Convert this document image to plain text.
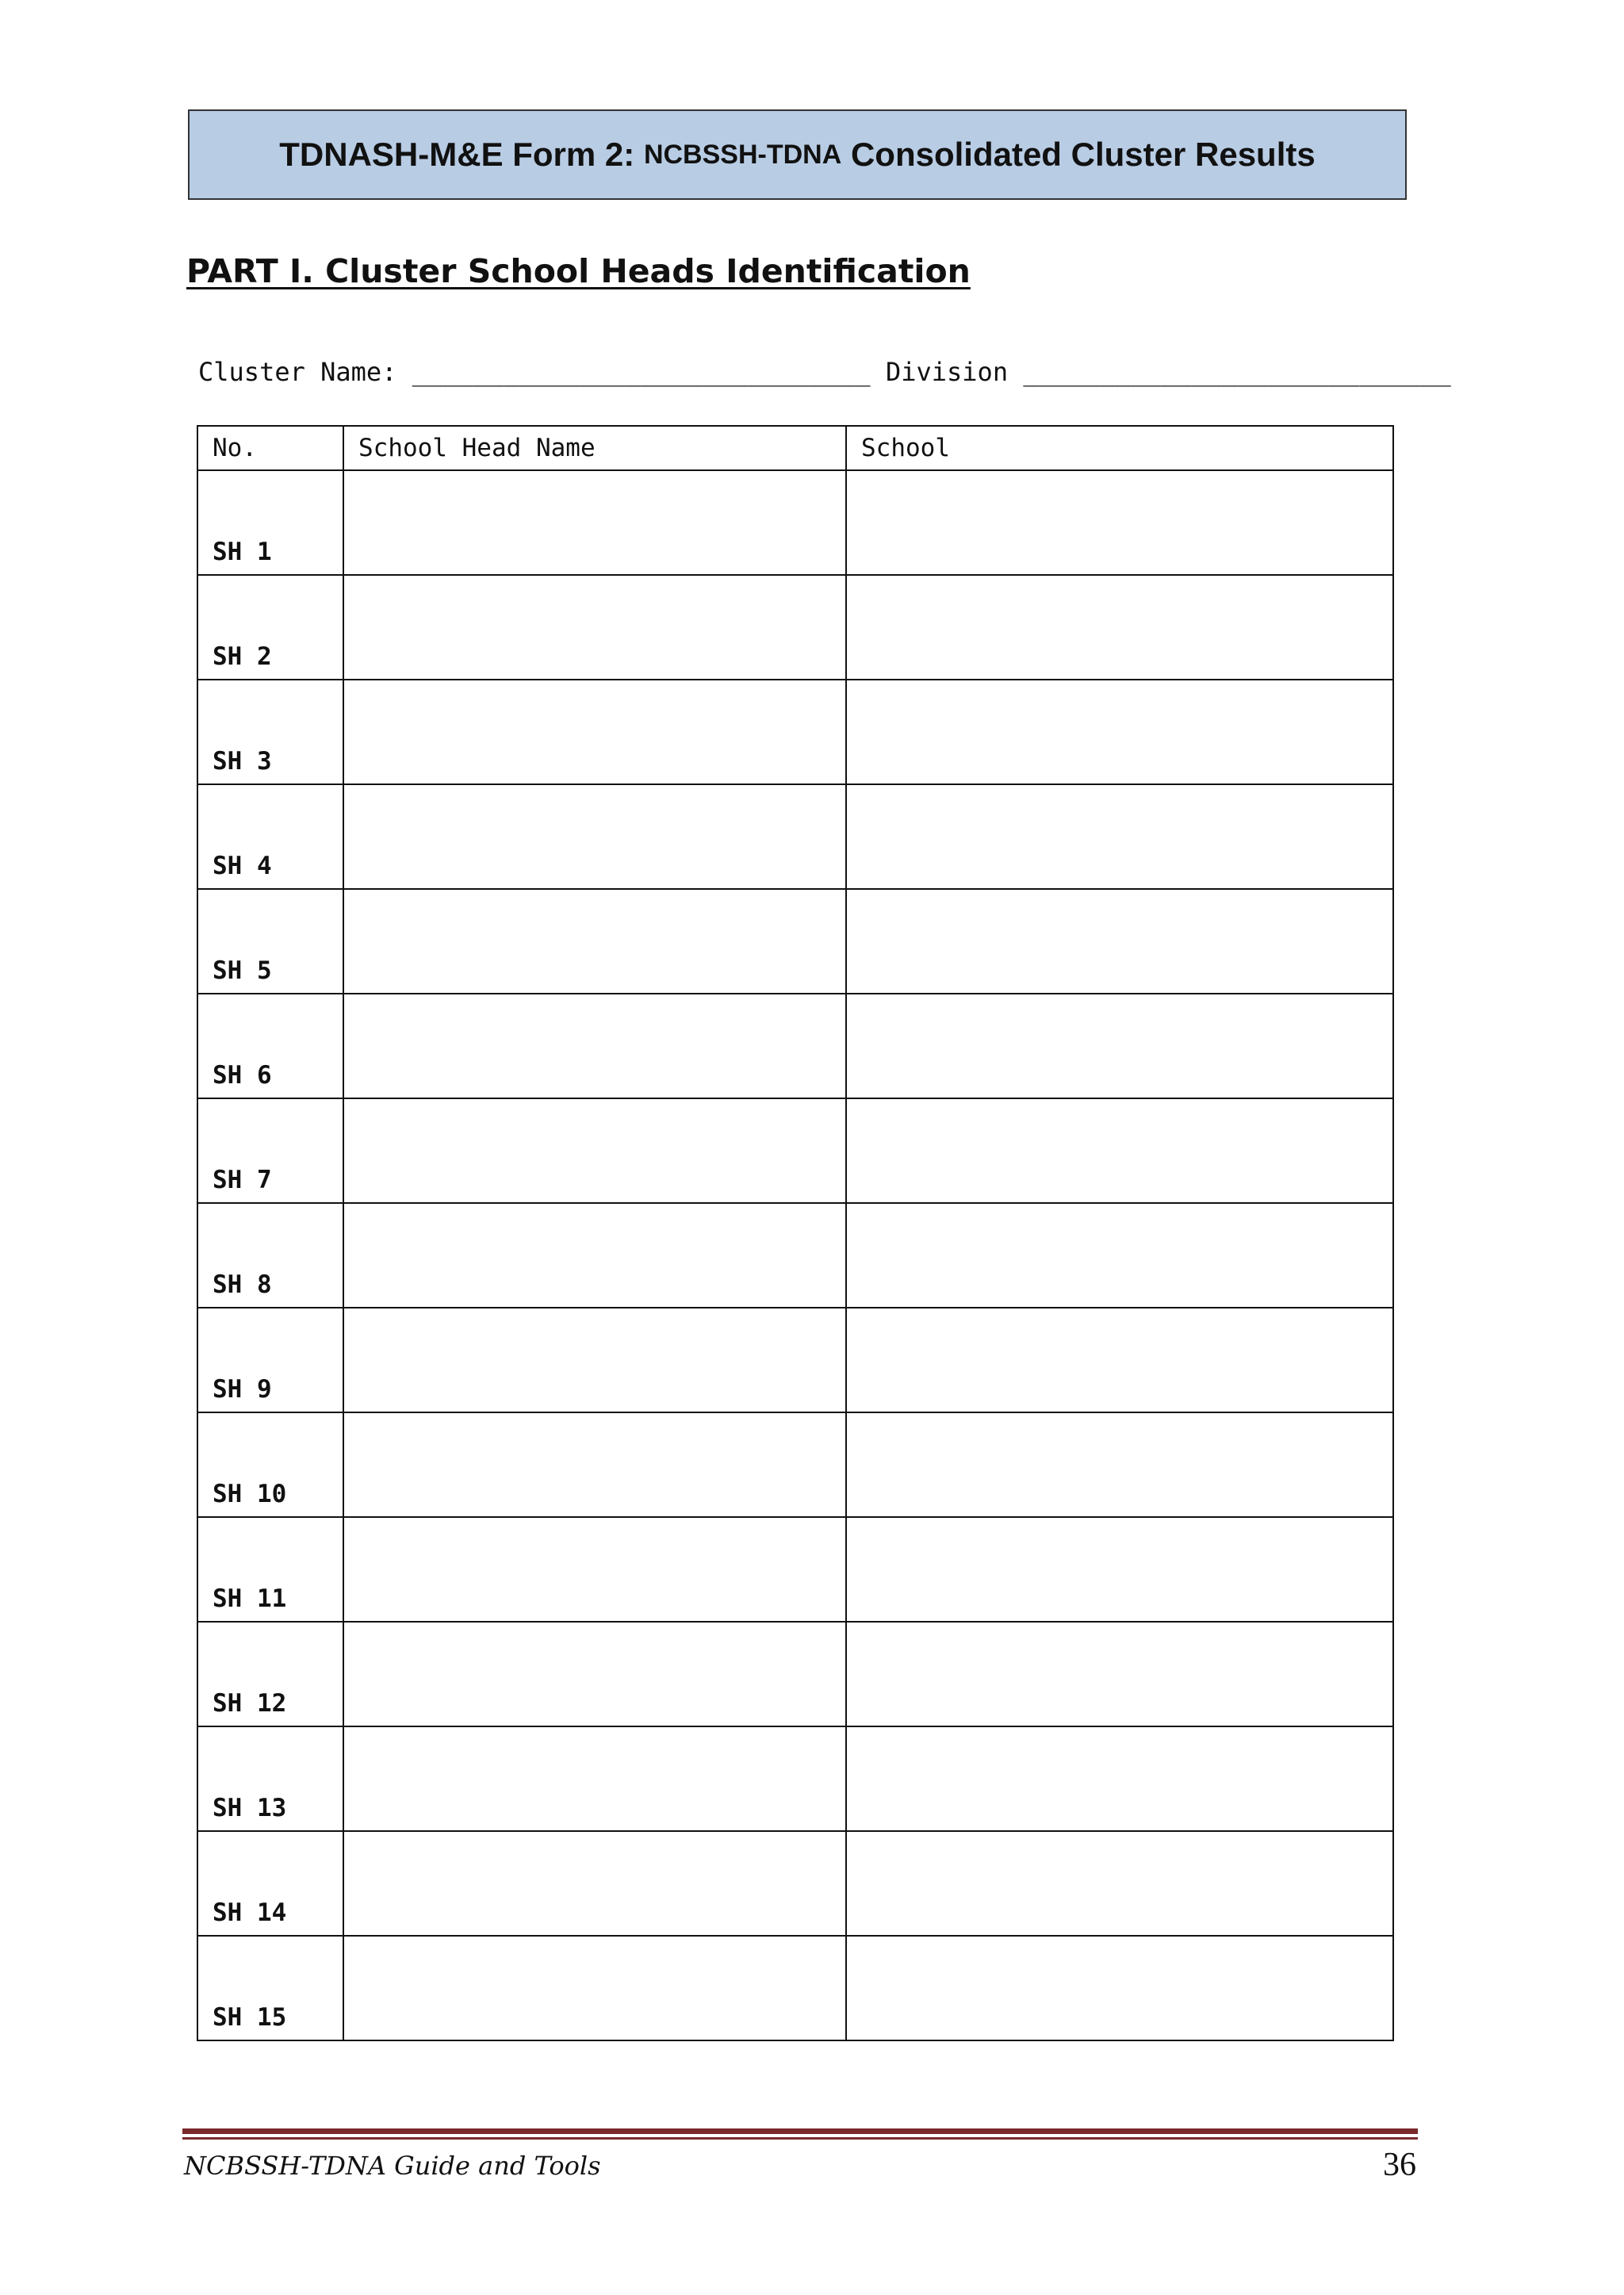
TDNASH-M&E Form 2 :
NCBSSH-TDNA
Consolidated Cluster Results
PART I. Cluster School Heads Identification
Cluster Name: ______________________________ Division ____________________________
No.	School Head Name	School
SH 1		
SH 2		
SH 3		
SH 4		
SH 5		
SH 6		
SH 7		
SH 8		
SH 9		
SH 10		
SH 11		
SH 12		
SH 13		
SH 14		
SH 15		
NCBSSH-TDNA Guide and Tools	36
